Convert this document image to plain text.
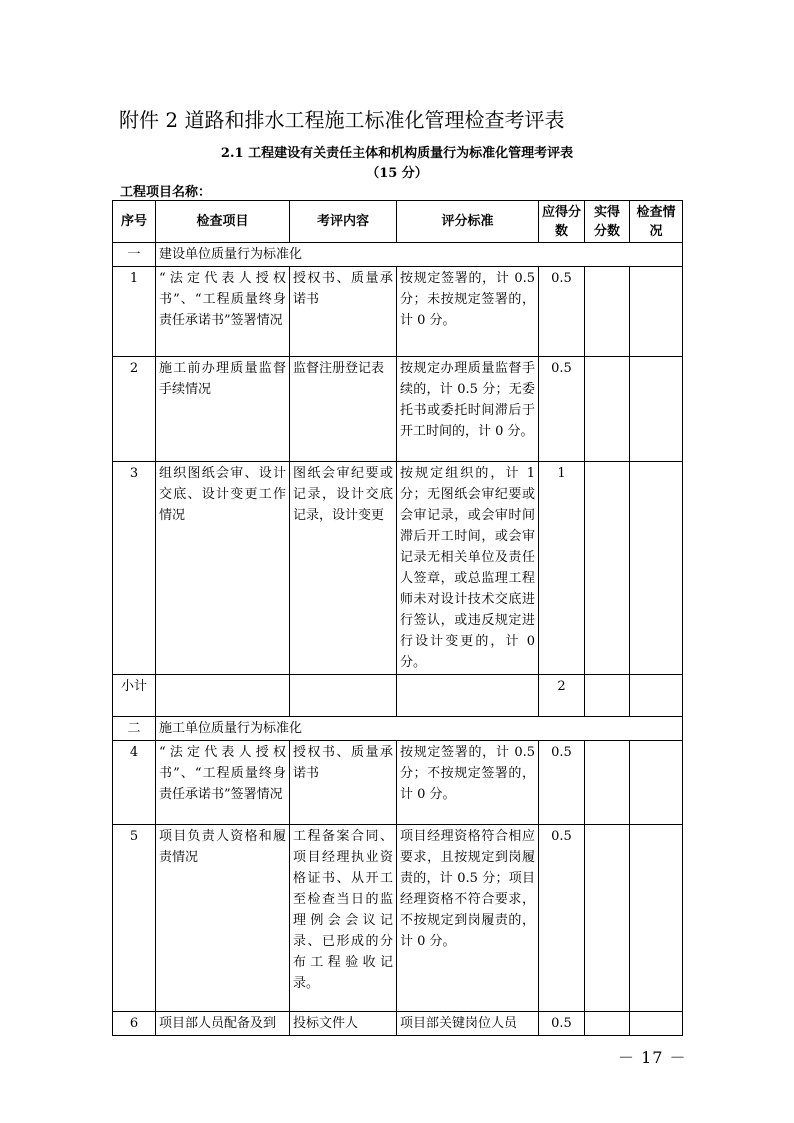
附件 2 道路和排水工程施工标准化管理检查考评表
2.1 工程建设有关责任主体和机构质量行为标准化管理考评表
（15 分）
工程项目名称：
序号	检查项目	考评内容	评分标准	应得分数	实得分数	检查情况
一	建设单位质量行为标准化					
1	“法定代表人授权书”、“工程质量终身责任承诺书”签署情况	授权书、质量承诺书	按规定签署的，计 0.5 分；未按规定签署的，计 0 分。	0.5		
2	施工前办理质量监督手续情况	监督注册登记表	按规定办理质量监督手续的，计 0.5 分；无委托书或委托时间滞后于开工时间的，计 0 分。	0.5		
3	组织图纸会审、设计交底、设计变更工作情况	图纸会审纪要或记录，设计交底记录，设计变更	按规定组织的，计 1 分；无图纸会审纪要或会审记录，或会审时间滞后开工时间，或会审记录无相关单位及责任人签章，或总监理工程师未对设计技术交底进行签认，或违反规定进行设计变更的，计 0 分。	1		
小计				2		
二	施工单位质量行为标准化					
4	“法定代表人授权书”、“工程质量终身责任承诺书”签署情况	授权书、质量承诺书	按规定签署的，计 0.5 分；不按规定签署的，计 0 分。	0.5		
5	项目负责人资格和履责情况	工程备案合同、项目经理执业资格证书、从开工至检查当日的监理例会会议记录、已形成的分布工程验收记录。	项目经理资格符合相应要求，且按规定到岗履责的，计 0.5 分；项目经理资格不符合要求，不按规定到岗履责的，计 0 分。	0.5		
6	项目部人员配备及到	投标文件人	项目部关键岗位人员	0.5		
－ 17 －
